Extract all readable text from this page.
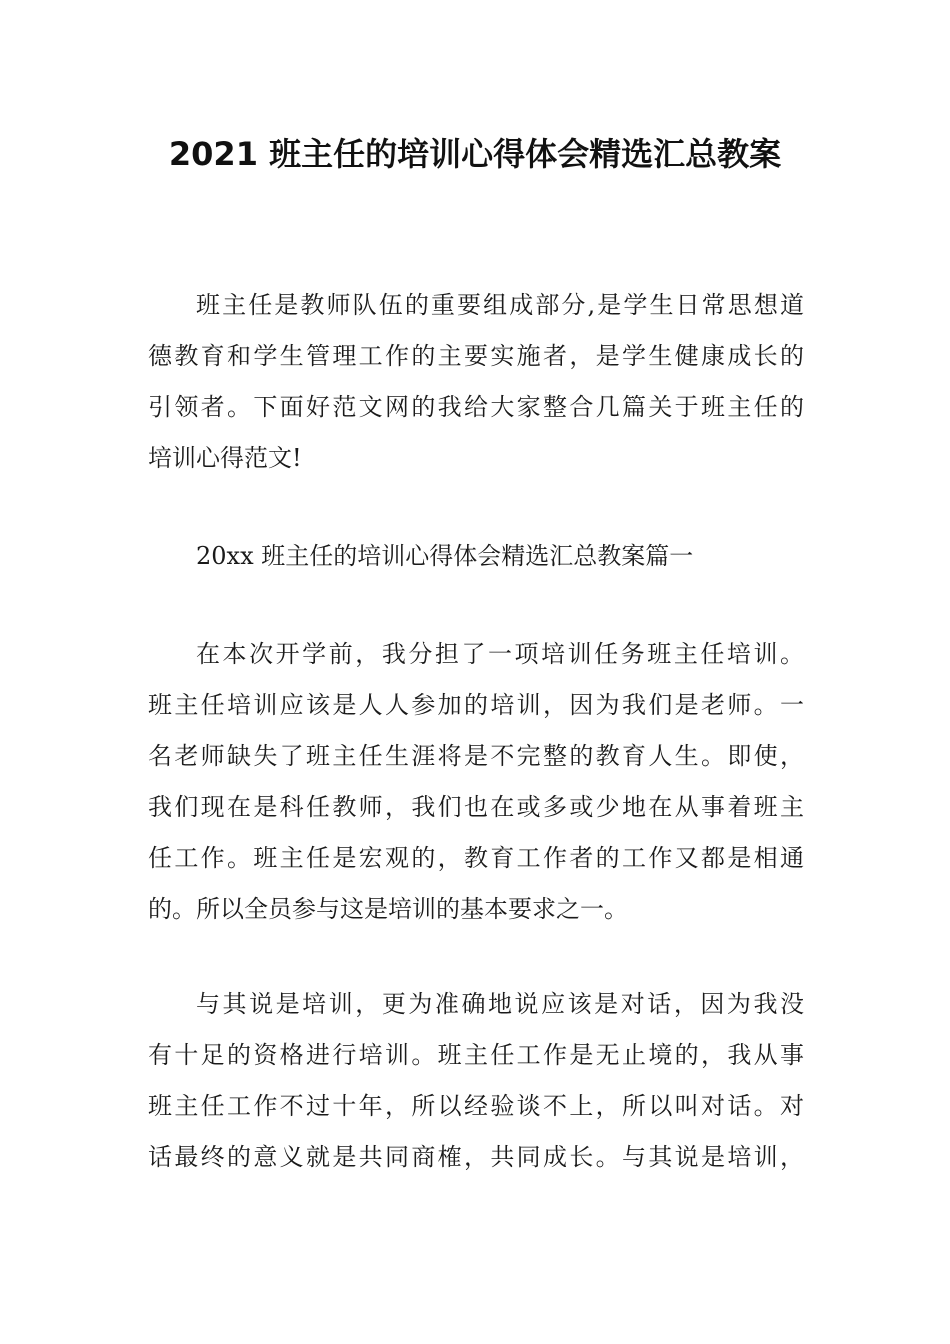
2021 班主任的培训心得体会精选汇总教案
班主任是教师队伍的重要组成部分,是学生日常思想道
德教育和学生管理工作的主要实施者，是学生健康成长的
引领者。下面好范文网的我给大家整合几篇关于班主任的
培训心得范文!
20xx 班主任的培训心得体会精选汇总教案篇一
在本次开学前，我分担了一项培训任务班主任培训。
班主任培训应该是人人参加的培训，因为我们是老师。一
名老师缺失了班主任生涯将是不完整的教育人生。即使，
我们现在是科任教师，我们也在或多或少地在从事着班主
任工作。班主任是宏观的，教育工作者的工作又都是相通
的。所以全员参与这是培训的基本要求之一。
与其说是培训，更为准确地说应该是对话，因为我没
有十足的资格进行培训。班主任工作是无止境的，我从事
班主任工作不过十年，所以经验谈不上，所以叫对话。对
话最终的意义就是共同商榷，共同成长。与其说是培训，
